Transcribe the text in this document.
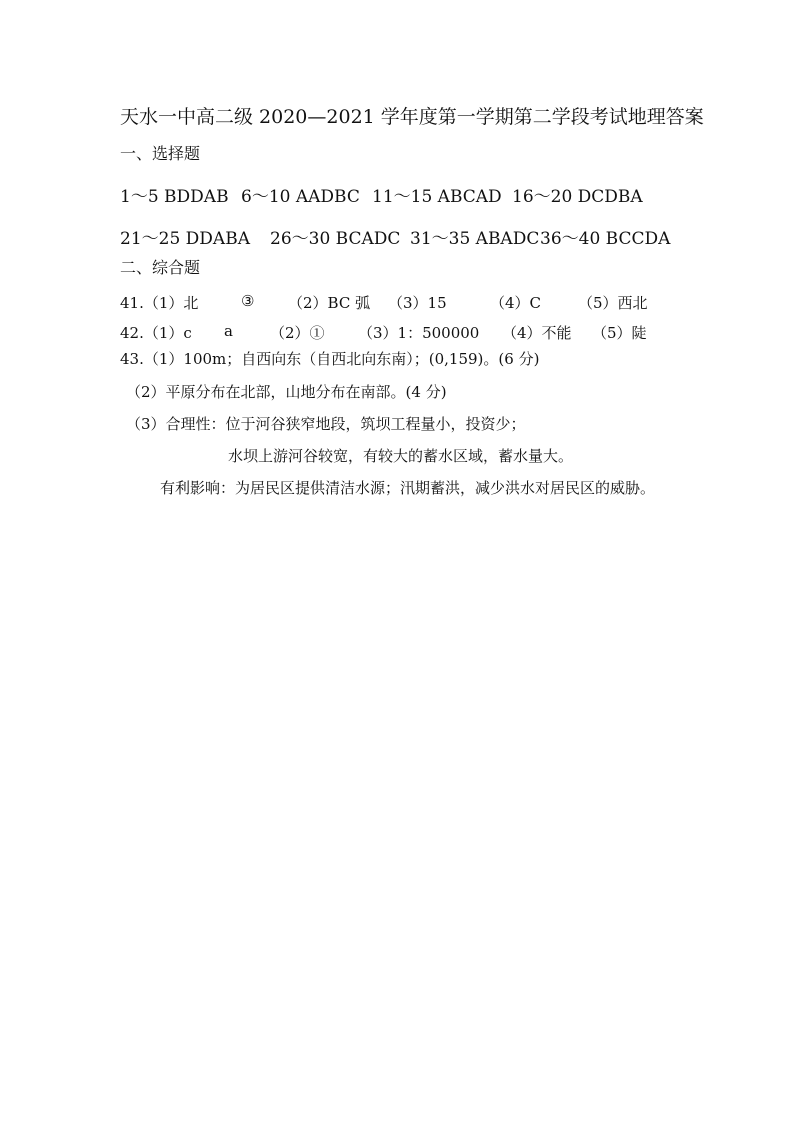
天水一中高二级 2020—2021 学年度第一学期第二学段考试地理答案
一、选择题
1～5 BDDAB 6～10 AADBC 11～15 ABCAD 16～20 DCDBA
21～25 DDABA 26～30 BCADC 31～35 ABADC 36～40 BCCDA
二、综合题
41.（1）北	③ （2）BC 弧 （3）15	（4）C （5）西北
42.（1）c a （2）① （3）1：500000 （4）不能 （5）陡
43.（1）100m；自西向东（自西北向东南）；(0,159)。(6 分)
（2）平原分布在北部，山地分布在南部。(4 分)
（3）合理性：位于河谷狭窄地段，筑坝工程量小，投资少；
水坝上游河谷较宽，有较大的蓄水区域，蓄水量大。
有利影响：为居民区提供清洁水源；汛期蓄洪，减少洪水对居民区的威胁。
